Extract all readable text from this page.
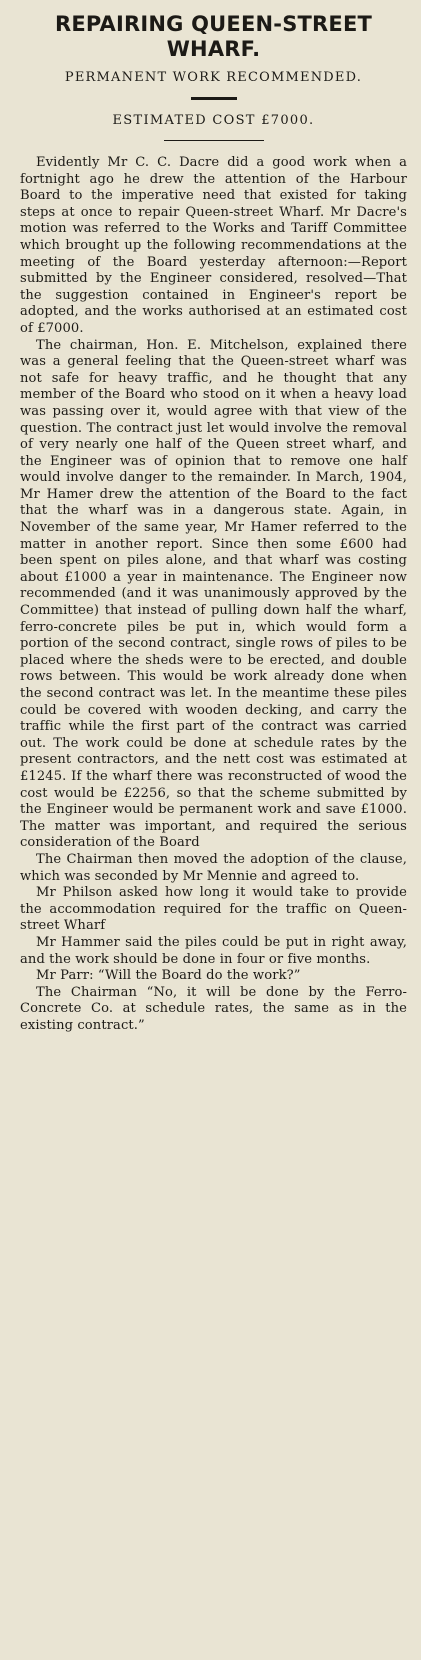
REPAIRING QUEEN-STREET WHARF.
PERMANENT WORK RECOMMENDED.
ESTIMATED COST £7000.

Evidently Mr C. C. Dacre did a good work when a fortnight ago he drew the attention of the Harbour Board to the imperative need that existed for taking steps at once to repair Queen-street Wharf. Mr Dacre's motion was referred to the Works and Tariff Committee which brought up the following recommendations at the meeting of the Board yesterday afternoon:—Report submitted by the Engineer considered, resolved—That the suggestion contained in Engineer's report be adopted, and the works authorised at an estimated cost of £7000.

The chairman, Hon. E. Mitchelson, explained there was a general feeling that the Queen-street wharf was not safe for heavy traffic, and he thought that any member of the Board who stood on it when a heavy load was passing over it, would agree with that view of the question. The contract just let would involve the removal of very nearly one half of the Queen street wharf, and the Engineer was of opinion that to remove one half would involve danger to the remainder. In March, 1904, Mr Hamer drew the attention of the Board to the fact that the wharf was in a dangerous state. Again, in November of the same year, Mr Hamer referred to the matter in another report. Since then some £600 had been spent on piles alone, and that wharf was costing about £1000 a year in maintenance. The Engineer now recommended (and it was unanimously approved by the Committee) that instead of pulling down half the wharf, ferro-concrete piles be put in, which would form a portion of the second contract, single rows of piles to be placed where the sheds were to be erected, and double rows between. This would be work already done when the second contract was let. In the meantime these piles could be covered with wooden decking, and carry the traffic while the first part of the contract was carried out. The work could be done at schedule rates by the present contractors, and the nett cost was estimated at £1245. If the wharf there was reconstructed of wood the cost would be £2256, so that the scheme submitted by the Engineer would be permanent work and save £1000. The matter was important, and required the serious consideration of the Board

The Chairman then moved the adoption of the clause, which was seconded by Mr Mennie and agreed to.

Mr Philson asked how long it would take to provide the accommodation required for the traffic on Queen-street Wharf

Mr Hammer said the piles could be put in right away, and the work should be done in four or five months.

Mr Parr: “Will the Board do the work?”

The Chairman “No, it will be done by the Ferro-Concrete Co. at schedule rates, the same as in the existing contract.”
